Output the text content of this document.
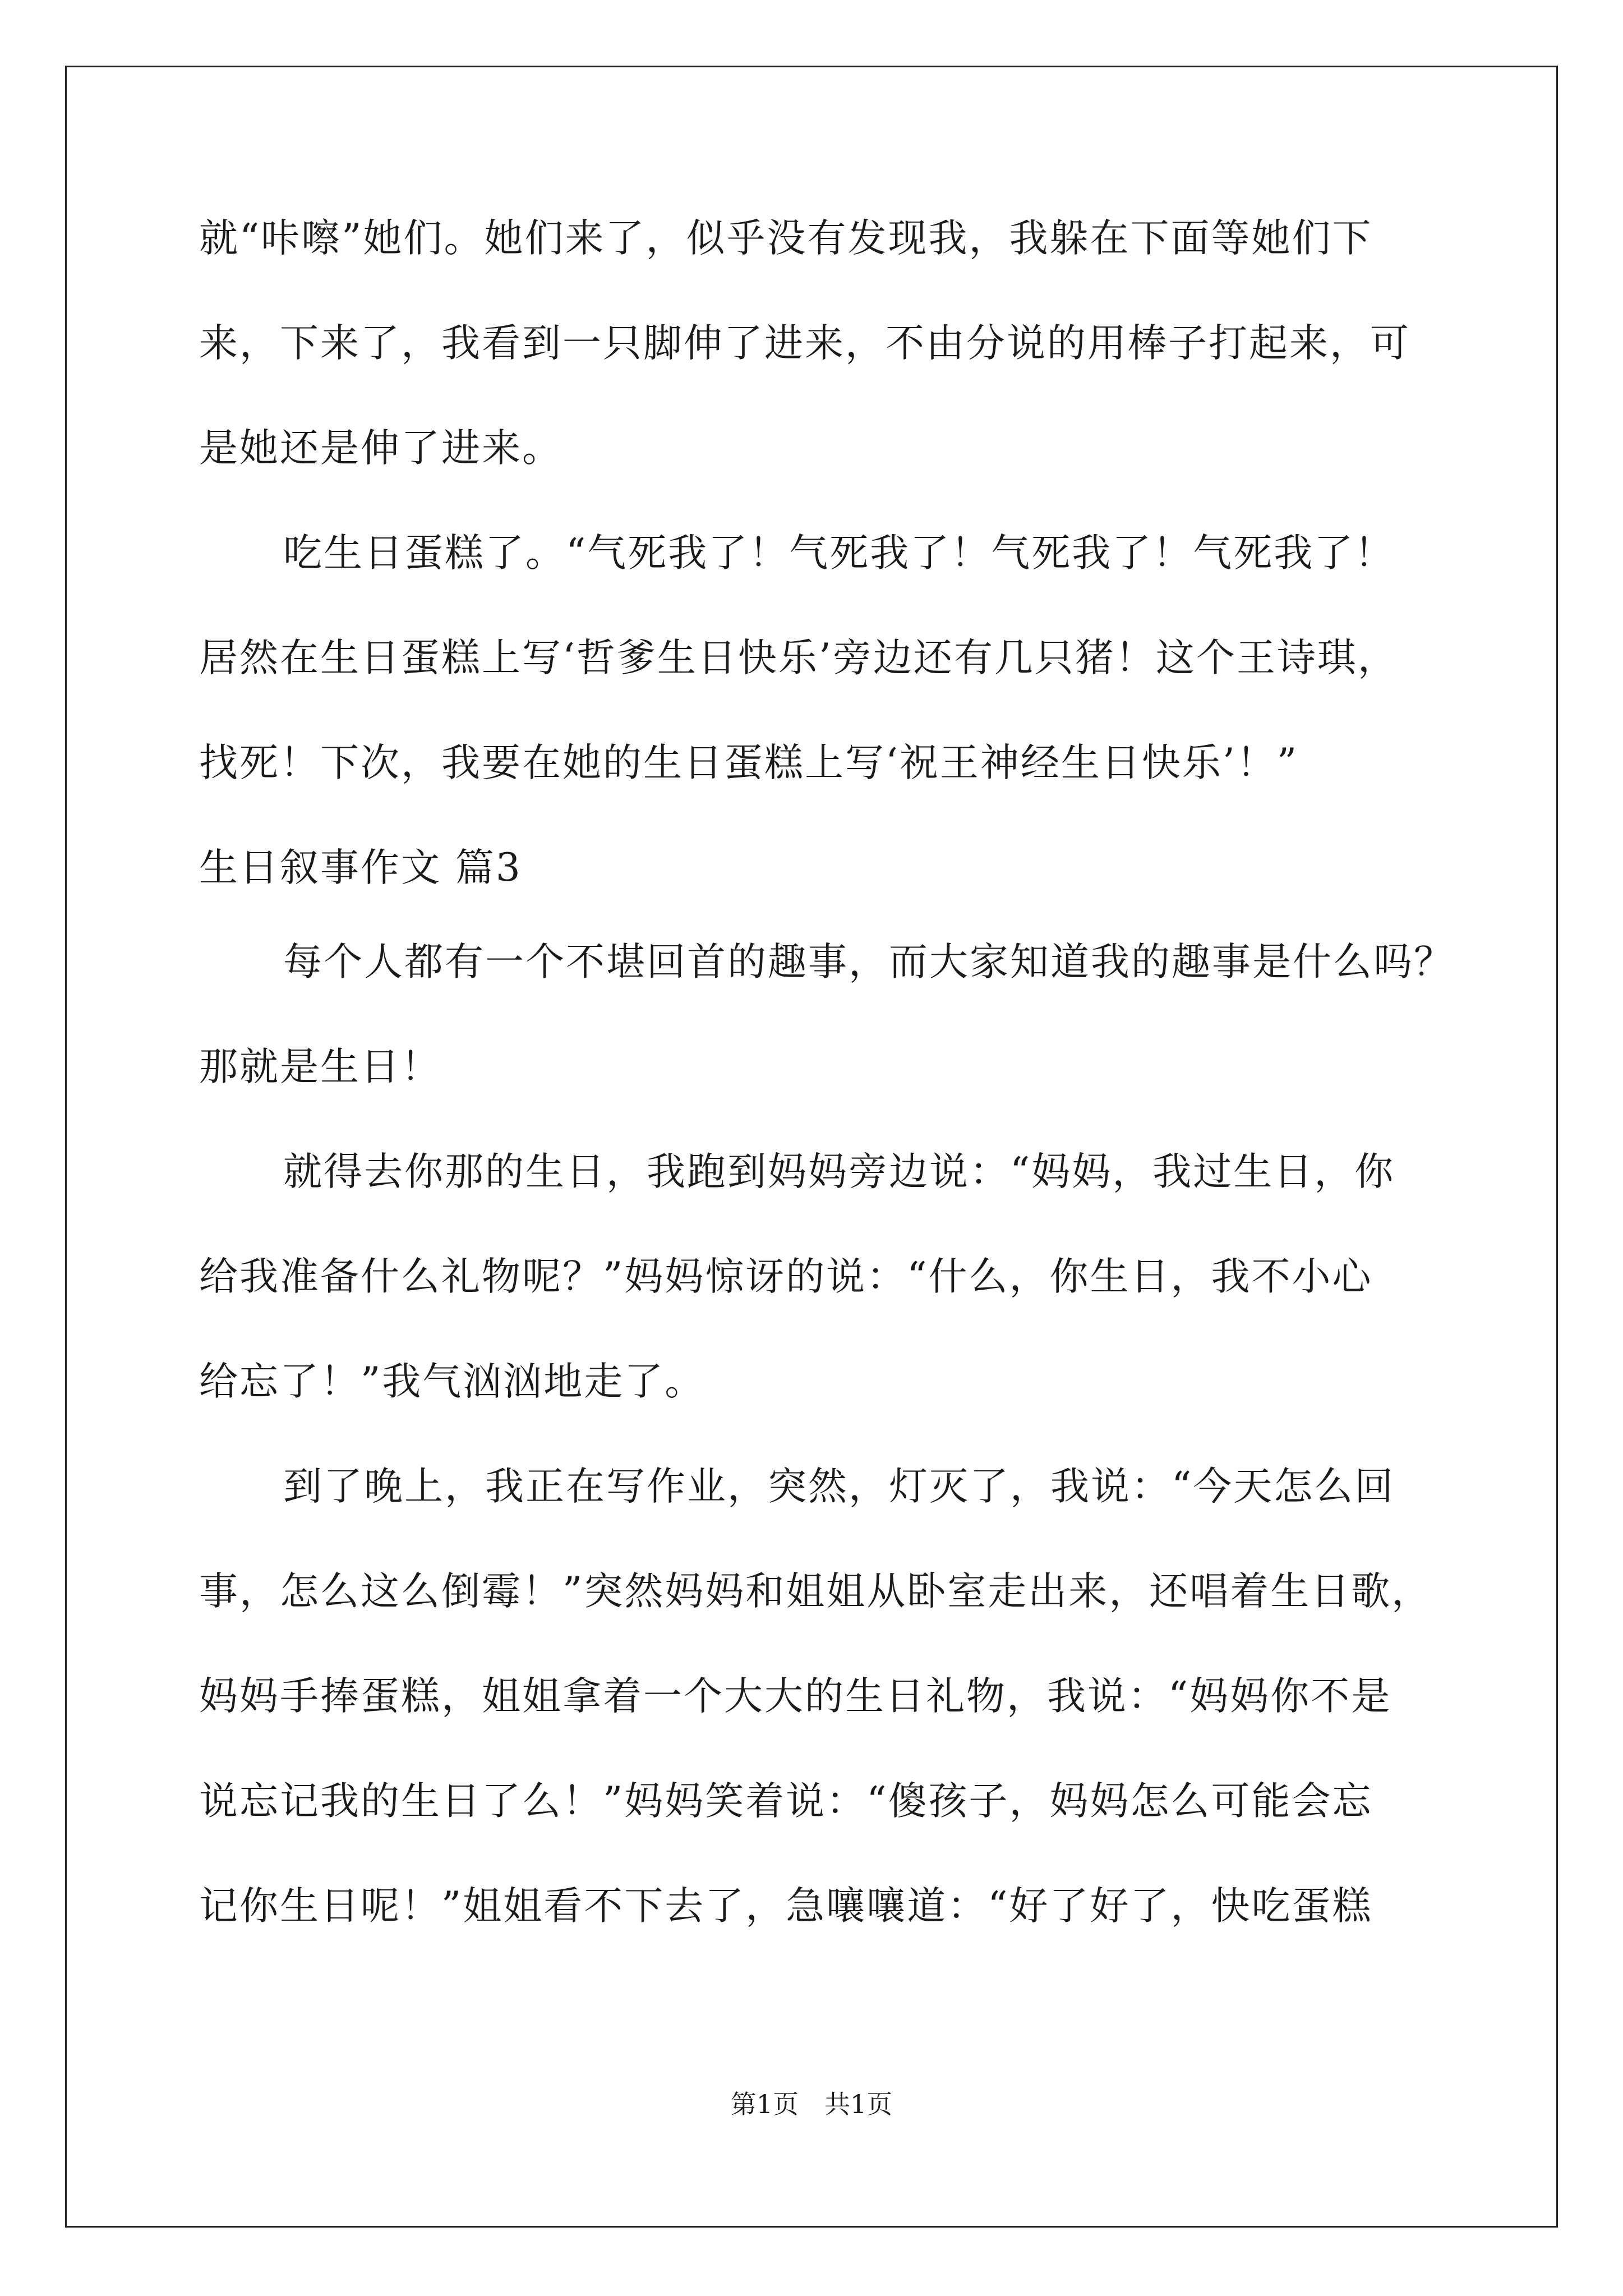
就“咔嚓”她们。她们来了，似乎没有发现我，我躲在下面等她们下
来，下来了，我看到一只脚伸了进来，不由分说的用棒子打起来，可
是她还是伸了进来。
吃生日蛋糕了。“气死我了！气死我了！气死我了！气死我了！
居然在生日蛋糕上写‘哲爹生日快乐’旁边还有几只猪！这个王诗琪，
找死！下次，我要在她的生日蛋糕上写‘祝王神经生日快乐’！”
生日叙事作文 篇3
每个人都有一个不堪回首的趣事，而大家知道我的趣事是什么吗？
那就是生日！
就得去你那的生日，我跑到妈妈旁边说：“妈妈，我过生日，你
给我准备什么礼物呢？”妈妈惊讶的说：“什么，你生日，我不小心
给忘了！”我气汹汹地走了。
到了晚上，我正在写作业，突然，灯灭了，我说：“今天怎么回
事，怎么这么倒霉！”突然妈妈和姐姐从卧室走出来，还唱着生日歌，
妈妈手捧蛋糕，姐姐拿着一个大大的生日礼物，我说：“妈妈你不是
说忘记我的生日了么！”妈妈笑着说：“傻孩子，妈妈怎么可能会忘
记你生日呢！”姐姐看不下去了，急嚷嚷道：“好了好了，快吃蛋糕
第1页　共1页
